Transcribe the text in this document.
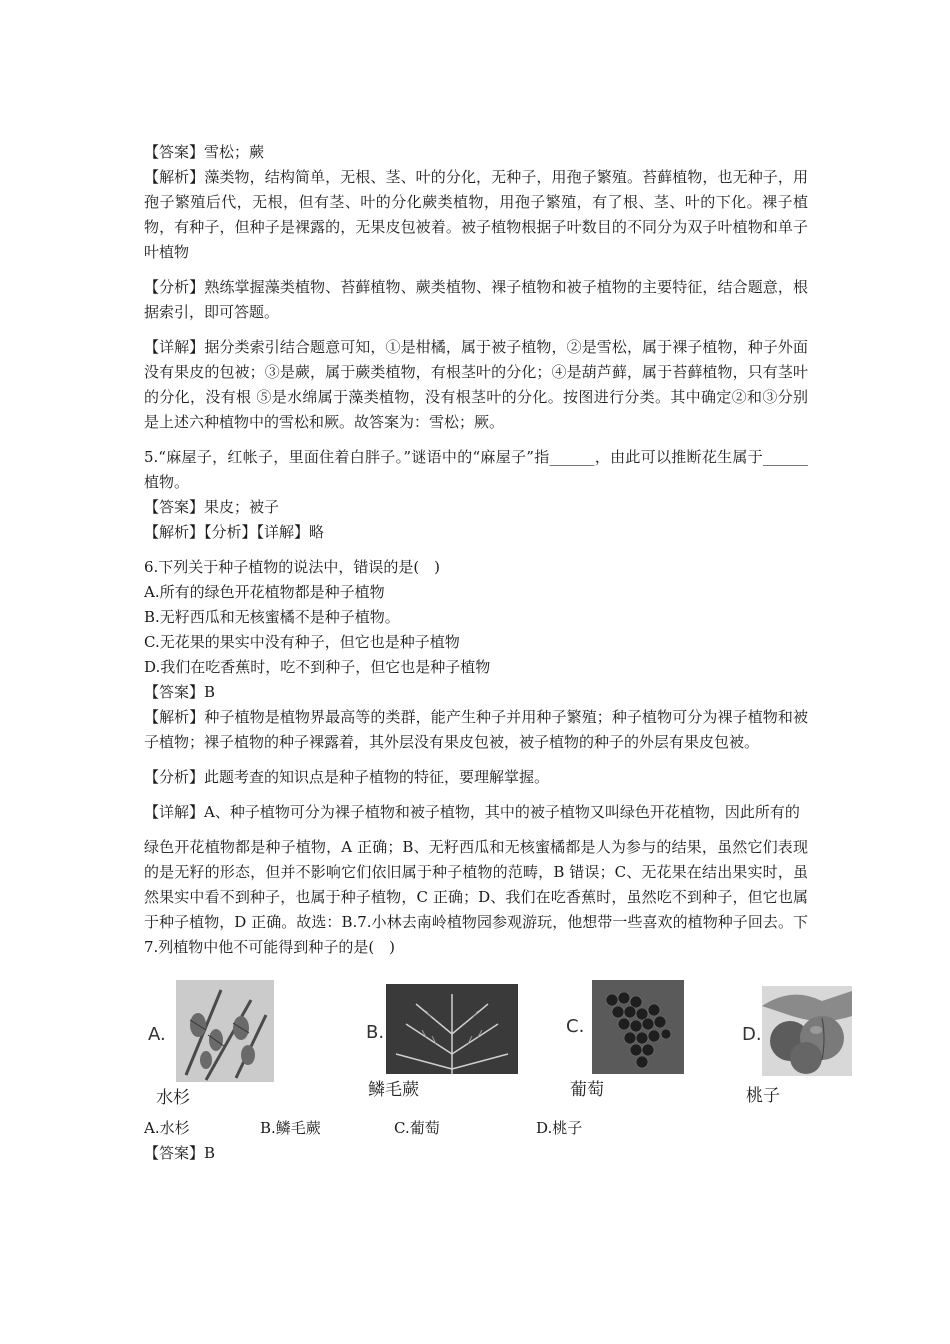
【答案】雪松；蕨

【解析】藻类物，结构简单，无根、茎、叶的分化，无种子，用孢子繁殖。苔藓植物，也无种子，用孢子繁殖后代，无根，但有茎、叶的分化蕨类植物，用孢子繁殖，有了根、茎、叶的下化。裸子植物，有种子，但种子是裸露的，无果皮包被着。被子植物根据子叶数目的不同分为双子叶植物和单子叶植物

【分析】熟练掌握藻类植物、苔藓植物、蕨类植物、裸子植物和被子植物的主要特征，结合题意，根据索引，即可答题。

【详解】据分类索引结合题意可知，①是柑橘，属于被子植物，②是雪松，属于裸子植物，种子外面没有果皮的包被；③是蕨，属于蕨类植物，有根茎叶的分化；④是葫芦藓，属于苔藓植物，只有茎叶的分化，没有根 ⑤是水绵属于藻类植物，没有根茎叶的分化。按图进行分类。其中确定②和③分别是上述六种植物中的雪松和厥。故答案为：雪松；厥。

5.“麻屋子，红帐子，里面住着白胖子。”谜语中的“麻屋子”指______，由此可以推断花生属于______植物。

【答案】果皮；被子

【解析】【分析】【详解】略

6.下列关于种子植物的说法中，错误的是(　)

A.所有的绿色开花植物都是种子植物

B.无籽西瓜和无核蜜橘不是种子植物。

C.无花果的果实中没有种子，但它也是种子植物

D.我们在吃香蕉时，吃不到种子，但它也是种子植物

【答案】B

【解析】种子植物是植物界最高等的类群，能产生种子并用种子繁殖；种子植物可分为裸子植物和被子植物；裸子植物的种子裸露着，其外层没有果皮包被，被子植物的种子的外层有果皮包被。

【分析】此题考查的知识点是种子植物的特征，要理解掌握。

【详解】A、种子植物可分为裸子植物和被子植物，其中的被子植物又叫绿色开花植物，因此所有的

绿色开花植物都是种子植物，A 正确；B、无籽西瓜和无核蜜橘都是人为参与的结果，虽然它们表现的是无籽的形态，但并不影响它们依旧属于种子植物的范畴，B 错误；C、无花果在结出果实时，虽然果实中看不到种子，也属于种子植物，C 正确；D、我们在吃香蕉时，虽然吃不到种子，但它也属于种子植物，D 正确。故选：B.7.小林去南岭植物园参观游玩，他想带一些喜欢的植物种子回去。下 7.列植物中他不可能得到种子的是(　)

A.
水杉
B.
鳞毛蕨
C.
葡萄
D.
桃子
A.水杉	B.鳞毛蕨	C.葡萄	D.桃子

【答案】B
